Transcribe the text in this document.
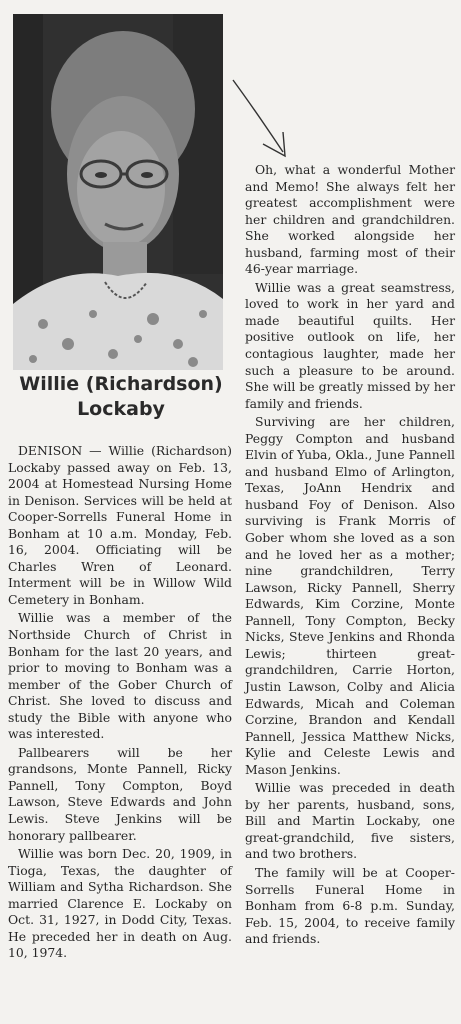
Willie (Richardson)
Lockaby

DENISON — Willie (Richardson) Lockaby passed away on Feb. 13, 2004 at Homestead Nursing Home in Denison. Services will be held at Cooper-Sorrells Funeral Home in Bonham at 10 a.m. Monday, Feb. 16, 2004. Officiating will be Charles Wren of Leonard. Interment will be in Willow Wild Cemetery in Bonham.

Willie was a member of the Northside Church of Christ in Bonham for the last 20 years, and prior to moving to Bonham was a member of the Gober Church of Christ. She loved to discuss and study the Bible with anyone who was interested.

Pallbearers will be her grandsons, Monte Pannell, Ricky Pannell, Tony Compton, Boyd Lawson, Steve Edwards and John Lewis. Steve Jenkins will be honorary pallbearer.

Willie was born Dec. 20, 1909, in Tioga, Texas, the daughter of William and Sytha Richardson. She married Clarence E. Lockaby on Oct. 31, 1927, in Dodd City, Texas. He preceded her in death on Aug. 10, 1974.

Oh, what a wonderful Mother and Memo! She always felt her greatest accomplishment were her children and grandchildren. She worked alongside her husband, farming most of their 46-year marriage.

Willie was a great seamstress, loved to work in her yard and made beautiful quilts. Her positive outlook on life, her contagious laughter, made her such a pleasure to be around. She will be greatly missed by her family and friends.

Surviving are her children, Peggy Compton and husband Elvin of Yuba, Okla., June Pannell and husband Elmo of Arlington, Texas, JoAnn Hendrix and husband Foy of Denison. Also surviving is Frank Morris of Gober whom she loved as a son and he loved her as a mother; nine grandchildren, Terry Lawson, Ricky Pannell, Sherry Edwards, Kim Corzine, Monte Pannell, Tony Compton, Becky Nicks, Steve Jenkins and Rhonda Lewis; thirteen great-grandchildren, Carrie Horton, Justin Lawson, Colby and Alicia Edwards, Micah and Coleman Corzine, Brandon and Kendall Pannell, Jessica Matthew Nicks, Kylie and Celeste Lewis and Mason Jenkins.

Willie was preceded in death by her parents, husband, sons, Bill and Martin Lockaby, one great-grandchild, five sisters, and two brothers.

The family will be at Cooper-Sorrells Funeral Home in Bonham from 6-8 p.m. Sunday, Feb. 15, 2004, to receive family and friends.
